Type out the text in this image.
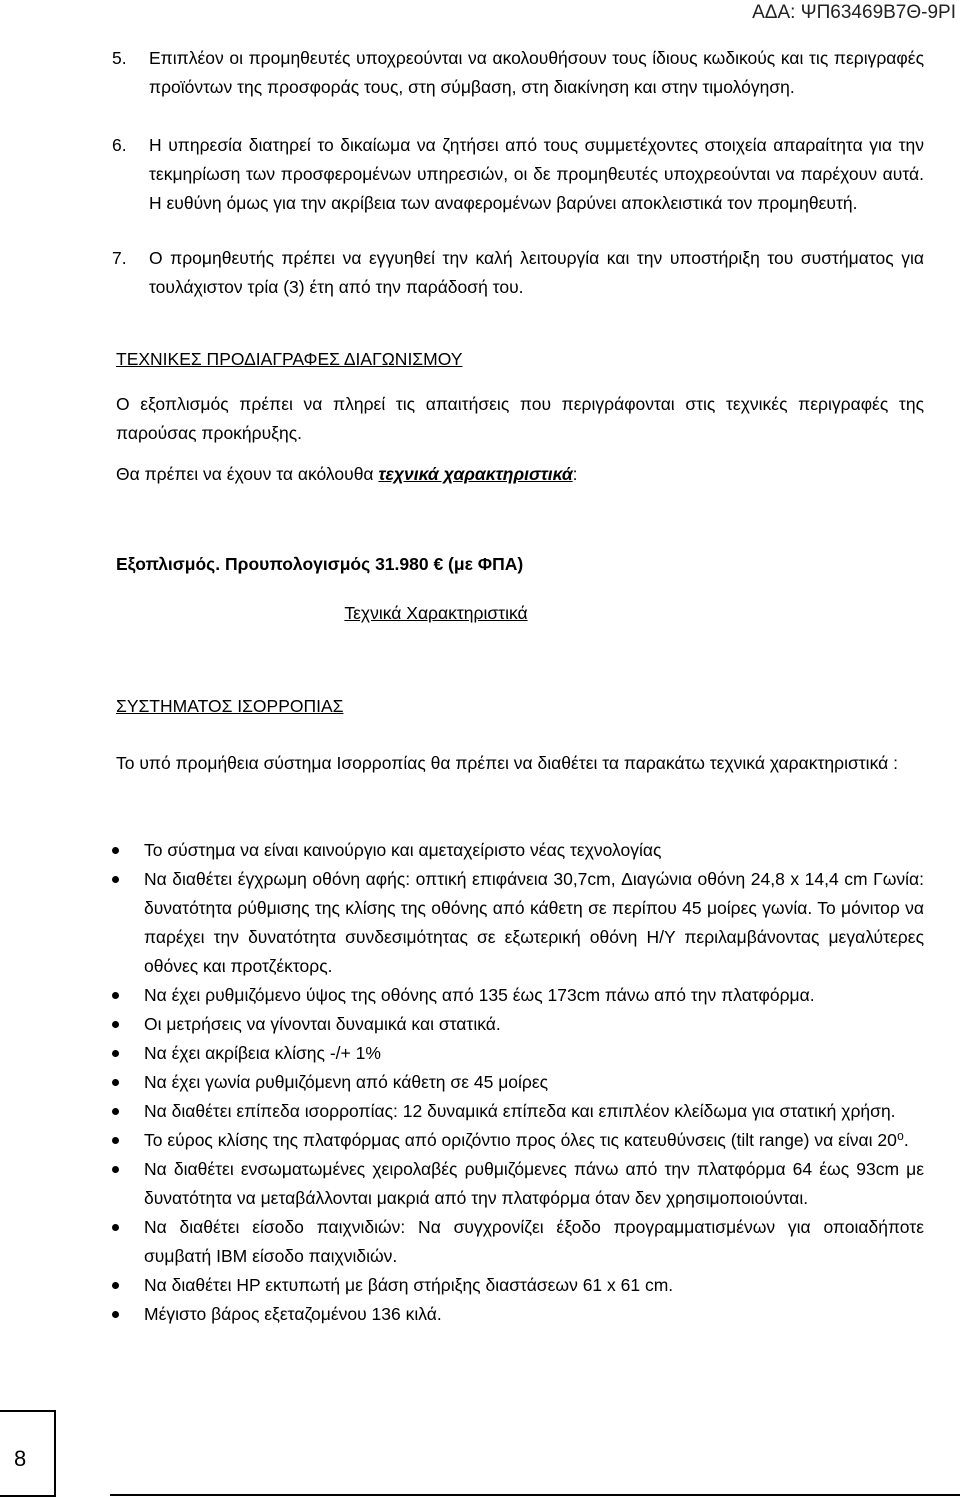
ΑΔΑ: ΨΠ63469Β7Θ-9ΡΙ
5.	Επιπλέον οι προμηθευτές υποχρεούνται να ακολουθήσουν τους ίδιους κωδικούς και τις περιγραφές προϊόντων της προσφοράς τους, στη σύμβαση, στη διακίνηση και στην τιμολόγηση.
6.	Η υπηρεσία διατηρεί το δικαίωμα να ζητήσει από τους συμμετέχοντες στοιχεία απαραίτητα για την τεκμηρίωση των προσφερομένων υπηρεσιών, οι δε προμηθευτές υποχρεούνται να παρέχουν αυτά. Η ευθύνη όμως για την ακρίβεια των αναφερομένων βαρύνει αποκλειστικά τον προμηθευτή.
7.	Ο προμηθευτής πρέπει να εγγυηθεί την καλή λειτουργία και την υποστήριξη του συστήματος για τουλάχιστον τρία (3) έτη από την παράδοσή του.
ΤΕΧΝΙΚΕΣ ΠΡΟΔΙΑΓΡΑΦΕΣ ΔΙΑΓΩΝΙΣΜΟΥ
Ο εξοπλισμός πρέπει να πληρεί τις απαιτήσεις που περιγράφονται στις τεχνικές περιγραφές της παρούσας προκήρυξης.
Θα πρέπει να έχουν τα ακόλουθα τεχνικά χαρακτηριστικά:
Εξοπλισμός. Προυπολογισμός 31.980 € (με ΦΠΑ)
Τεχνικά Χαρακτηριστικά
ΣΥΣΤΗΜΑΤΟΣ ΙΣΟΡΡΟΠΙΑΣ
Το υπό προμήθεια σύστημα Ισορροπίας θα πρέπει να διαθέτει τα παρακάτω τεχνικά χαρακτηριστικά :
Το σύστημα να είναι καινούργιο και αμεταχείριστο νέας τεχνολογίας
Να διαθέτει έγχρωμη οθόνη αφής: οπτική επιφάνεια 30,7cm, Διαγώνια οθόνη 24,8 x 14,4 cm Γωνία: δυνατότητα ρύθμισης της κλίσης της οθόνης από κάθετη σε περίπου 45 μοίρες γωνία. Το μόνιτορ να παρέχει την δυνατότητα συνδεσιμότητας σε εξωτερική οθόνη Η/Υ περιλαμβάνοντας μεγαλύτερες οθόνες και προτζέκτορς.
Να έχει ρυθμιζόμενο ύψος της οθόνης από 135 έως 173cm πάνω από την πλατφόρμα.
Οι μετρήσεις να γίνονται δυναμικά και στατικά.
Να έχει ακρίβεια κλίσης -/+ 1%
Να έχει γωνία ρυθμιζόμενη από κάθετη σε 45 μοίρες
Να διαθέτει επίπεδα ισορροπίας: 12 δυναμικά επίπεδα και επιπλέον κλείδωμα για στατική χρήση.
Το εύρος κλίσης της πλατφόρμας από οριζόντιο προς όλες τις κατευθύνσεις (tilt range) να είναι 20⁰.
Να διαθέτει ενσωματωμένες χειρολαβές ρυθμιζόμενες πάνω από την πλατφόρμα 64 έως 93cm με δυνατότητα να μεταβάλλονται μακριά από την πλατφόρμα όταν δεν χρησιμοποιούνται.
Να διαθέτει είσοδο παιχνιδιών: Να συγχρονίζει έξοδο προγραμματισμένων για οποιαδήποτε συμβατή IBM είσοδο παιχνιδιών.
Να διαθέτει HP εκτυπωτή με βάση στήριξης διαστάσεων 61 x 61 cm.
Μέγιστο βάρος εξεταζομένου 136 κιλά.
8
